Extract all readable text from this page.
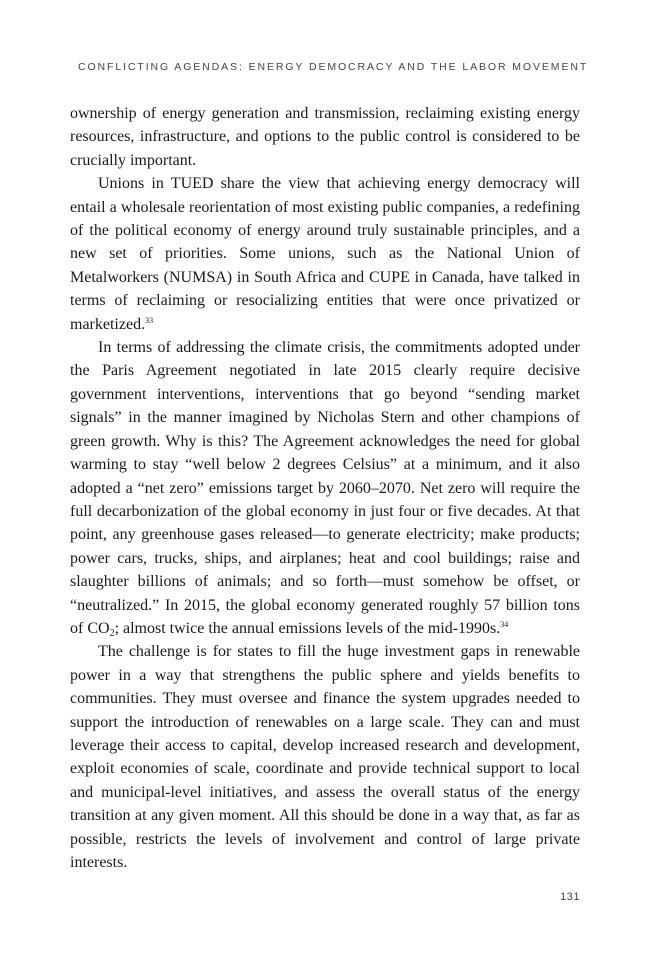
CONFLICTING AGENDAS: ENERGY DEMOCRACY AND THE LABOR MOVEMENT

ownership of energy generation and transmission, reclaiming existing energy resources, infrastructure, and options to the public control is considered to be crucially important.

Unions in TUED share the view that achieving energy democracy will entail a wholesale reorientation of most existing public companies, a redefining of the political economy of energy around truly sustainable principles, and a new set of priorities. Some unions, such as the National Union of Metalworkers (NUMSA) in South Africa and CUPE in Canada, have talked in terms of reclaiming or resocializing entities that were once privatized or marketized.$^{33}$

In terms of addressing the climate crisis, the commitments adopted under the Paris Agreement negotiated in late 2015 clearly require decisive government interventions, interventions that go beyond “sending market signals” in the manner imagined by Nicholas Stern and other champions of green growth. Why is this? The Agreement acknowledges the need for global warming to stay “well below 2 degrees Celsius” at a minimum, and it also adopted a “net zero” emissions target by 2060–2070. Net zero will require the full decarbonization of the global economy in just four or five decades. At that point, any greenhouse gases released—to generate electricity; make products; power cars, trucks, ships, and airplanes; heat and cool buildings; raise and slaughter billions of animals; and so forth—must somehow be offset, or “neutralized.” In 2015, the global economy generated roughly 57 billion tons of $CO_2$; almost twice the annual emissions levels of the mid-1990s.$^{34}$

The challenge is for states to fill the huge investment gaps in renewable power in a way that strengthens the public sphere and yields benefits to communities. They must oversee and finance the system upgrades needed to support the introduction of renewables on a large scale. They can and must leverage their access to capital, develop increased research and development, exploit economies of scale, coordinate and provide technical support to local and municipal-level initiatives, and assess the overall status of the energy transition at any given moment. All this should be done in a way that, as far as possible, restricts the levels of involvement and control of large private interests.

131
